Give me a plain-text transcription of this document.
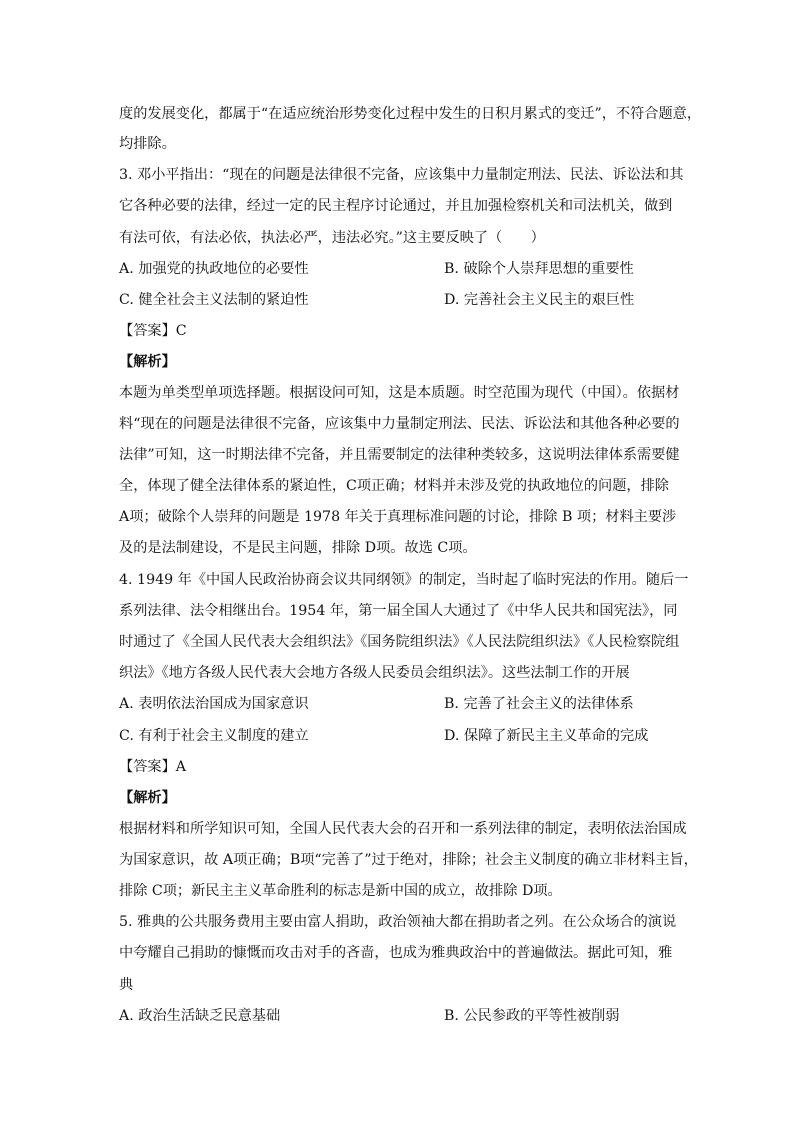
度的发展变化，都属于“在适应统治形势变化过程中发生的日积月累式的变迁”，不符合题意，
均排除。
3. 邓小平指出：“现在的问题是法律很不完备，应该集中力量制定刑法、民法、诉讼法和其
它各种必要的法律，经过一定的民主程序讨论通过，并且加强检察机关和司法机关，做到
有法可依，有法必依，执法必严，违法必究。”这主要反映了（　　）
A. 加强党的执政地位的必要性	B. 破除个人崇拜思想的重要性
C. 健全社会主义法制的紧迫性	D. 完善社会主义民主的艰巨性
【答案】C
【解析】
本题为单类型单项选择题。根据设问可知，这是本质题。时空范围为现代（中国）。依据材
料“现在的问题是法律很不完备，应该集中力量制定刑法、民法、诉讼法和其他各种必要的
法律”可知，这一时期法律不完备，并且需要制定的法律种类较多，这说明法律体系需要健
全，体现了健全法律体系的紧迫性，C项正确；材料并未涉及党的执政地位的问题，排除
A项；破除个人崇拜的问题是 1978 年关于真理标准问题的讨论，排除 B 项；材料主要涉
及的是法制建设，不是民主问题，排除 D项。故选 C项。
4. 1949 年《中国人民政治协商会议共同纲领》的制定，当时起了临时宪法的作用。随后一
系列法律、法令相继出台。1954 年，第一届全国人大通过了《中华人民共和国宪法》，同
时通过了《全国人民代表大会组织法》《国务院组织法》《人民法院组织法》《人民检察院组
织法》《地方各级人民代表大会地方各级人民委员会组织法》。这些法制工作的开展
A. 表明依法治国成为国家意识	B. 完善了社会主义的法律体系
C. 有利于社会主义制度的建立	D. 保障了新民主主义革命的完成
【答案】A
【解析】
根据材料和所学知识可知，全国人民代表大会的召开和一系列法律的制定，表明依法治国成
为国家意识，故 A项正确；B项“完善了”过于绝对，排除；社会主义制度的确立非材料主旨，
排除 C项；新民主主义革命胜利的标志是新中国的成立，故排除 D项。
5. 雅典的公共服务费用主要由富人捐助，政治领袖大都在捐助者之列。在公众场合的演说
中夸耀自己捐助的慷慨而攻击对手的吝啬，也成为雅典政治中的普遍做法。据此可知，雅
典
A. 政治生活缺乏民意基础	B. 公民参政的平等性被削弱
